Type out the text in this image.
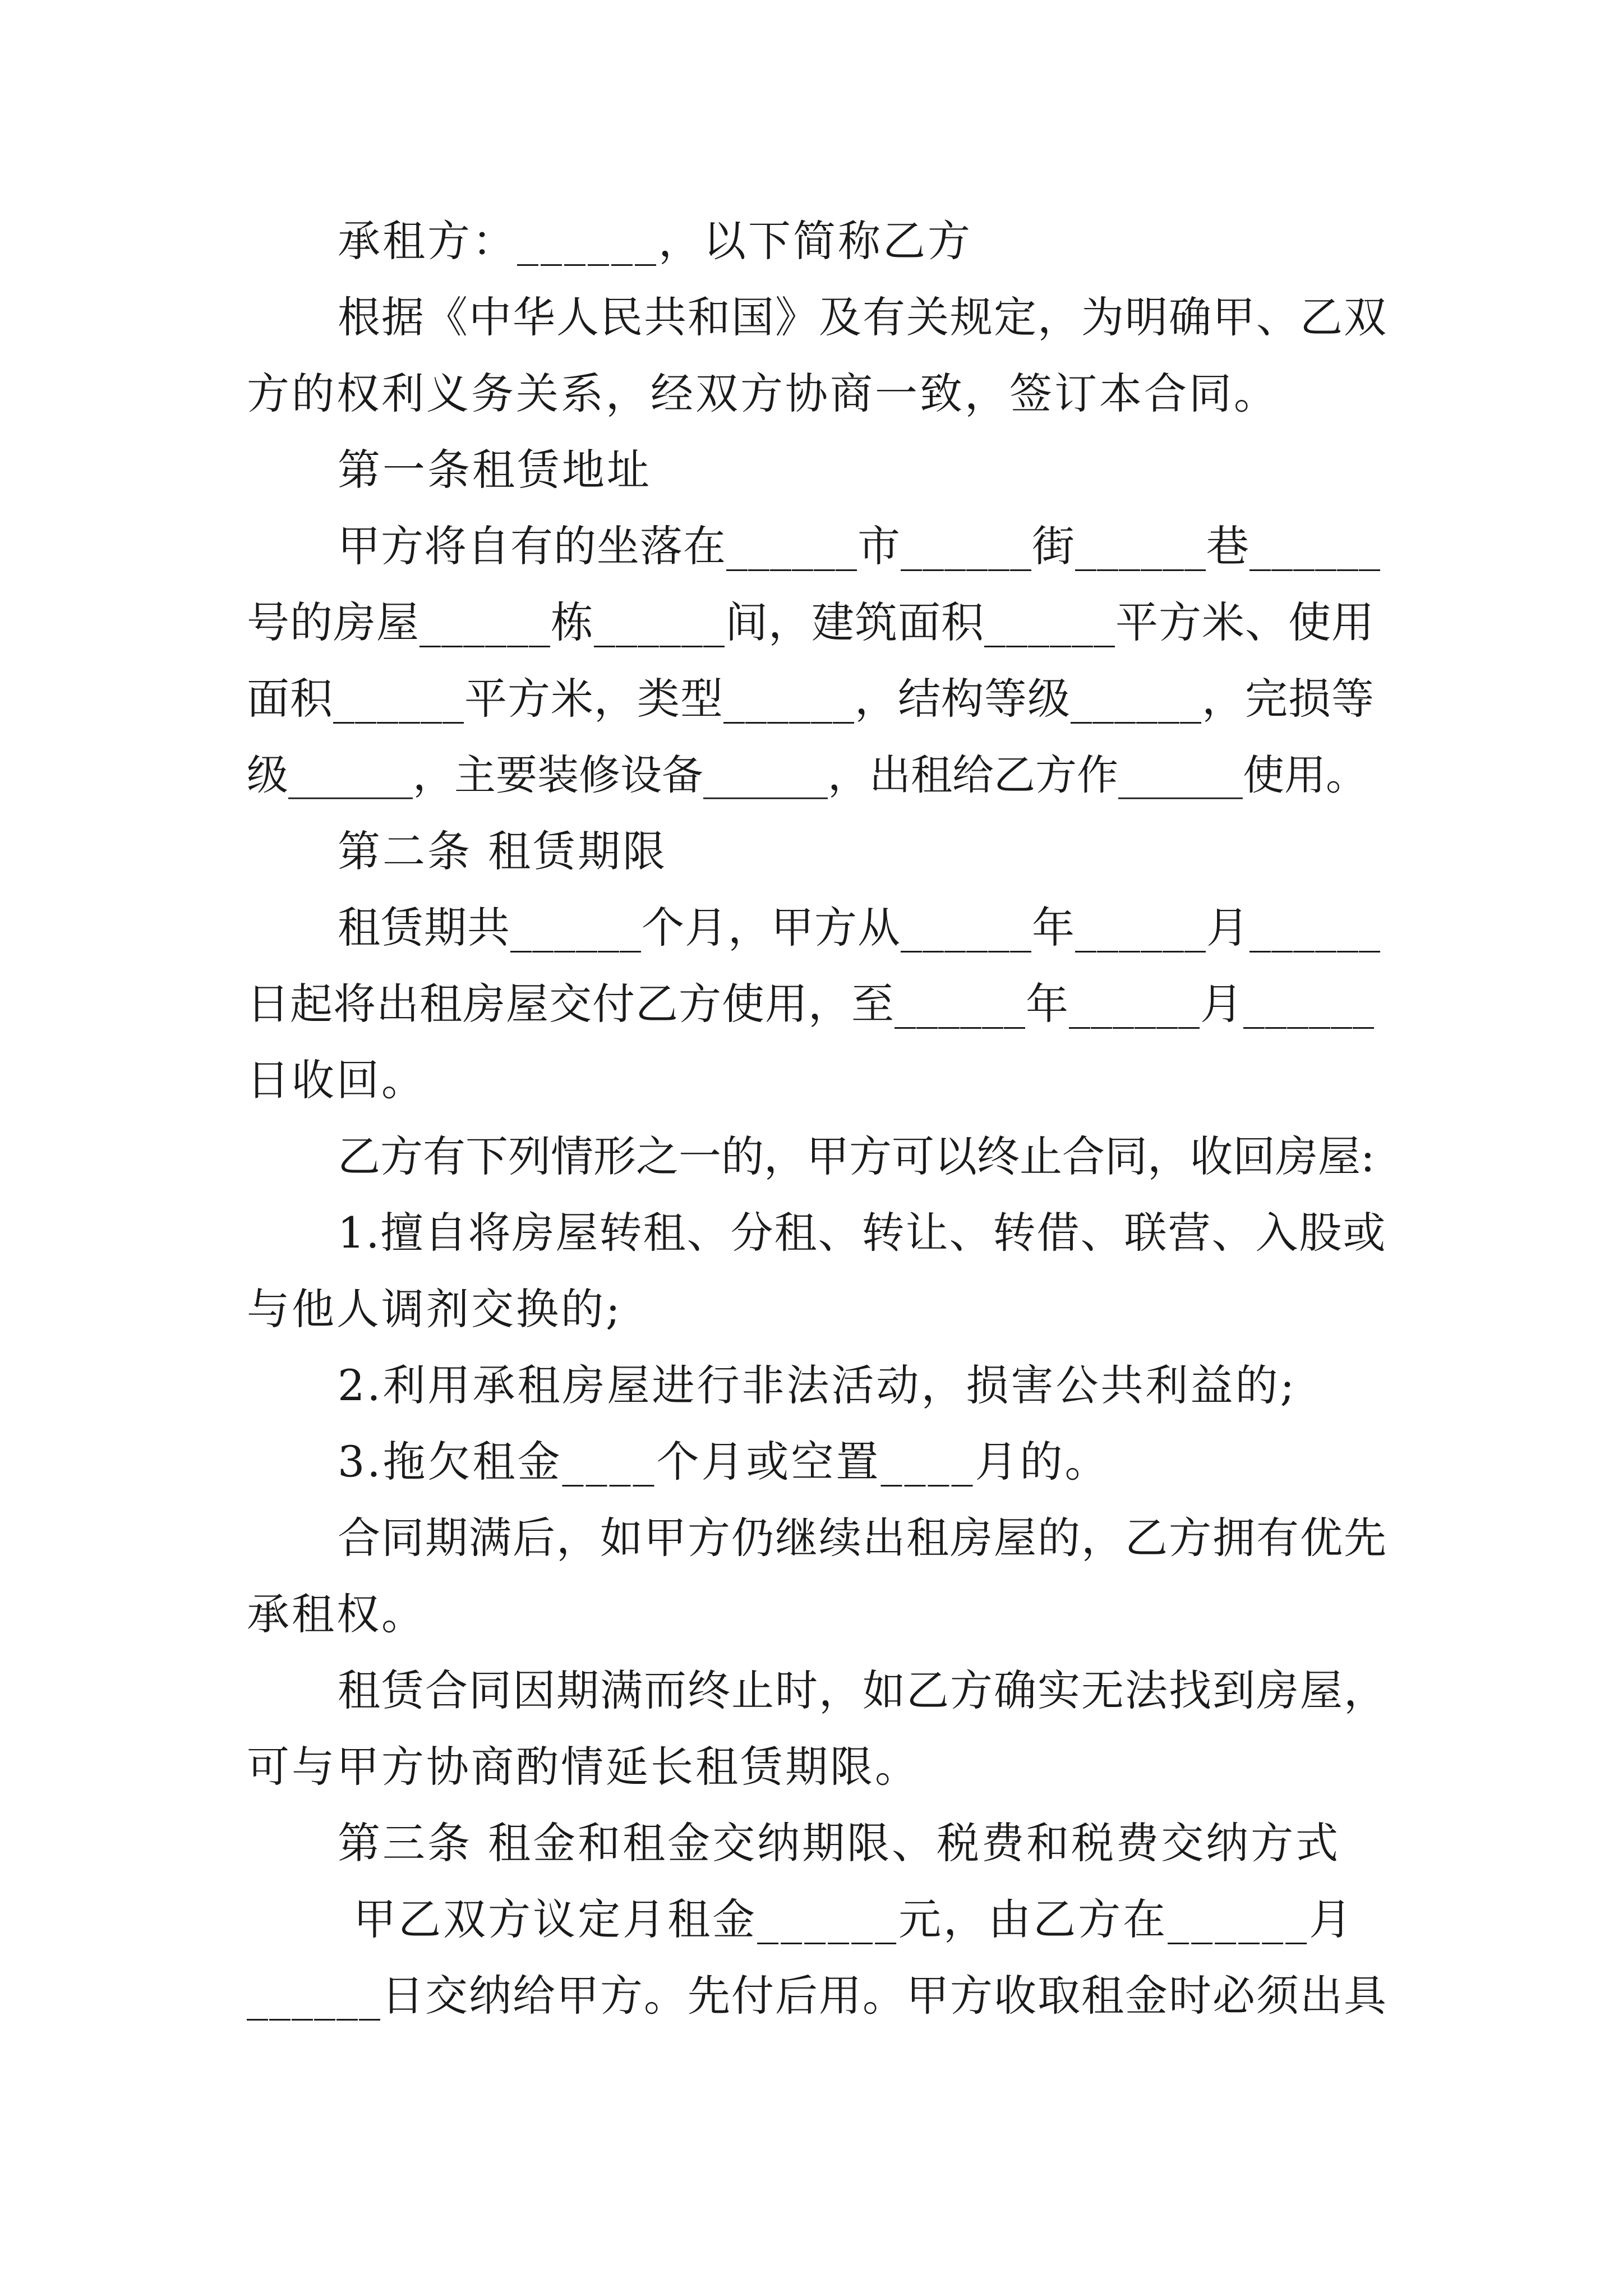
承租方：______，以下简称乙方
根据《中华人民共和国》及有关规定，为明确甲、乙双
方的权利义务关系，经双方协商一致，签订本合同。
第一条租赁地址
甲方将自有的坐落在______市______街______巷______
号的房屋______栋______间，建筑面积______平方米、使用
面积______平方米，类型______，结构等级______，完损等
级______，主要装修设备______，出租给乙方作______使用。
第二条 租赁期限
租赁期共______个月，甲方从______年______月______
日起将出租房屋交付乙方使用，至______年______月______
日收回。
乙方有下列情形之一的，甲方可以终止合同，收回房屋:
1.擅自将房屋转租、分租、转让、转借、联营、入股或
与他人调剂交换的;
2.利用承租房屋进行非法活动，损害公共利益的;
3.拖欠租金____个月或空置____月的。
合同期满后，如甲方仍继续出租房屋的，乙方拥有优先
承租权。
租赁合同因期满而终止时，如乙方确实无法找到房屋，
可与甲方协商酌情延长租赁期限。
第三条 租金和租金交纳期限、税费和税费交纳方式
甲乙双方议定月租金______元，由乙方在______月
______日交纳给甲方。先付后用。甲方收取租金时必须出具
